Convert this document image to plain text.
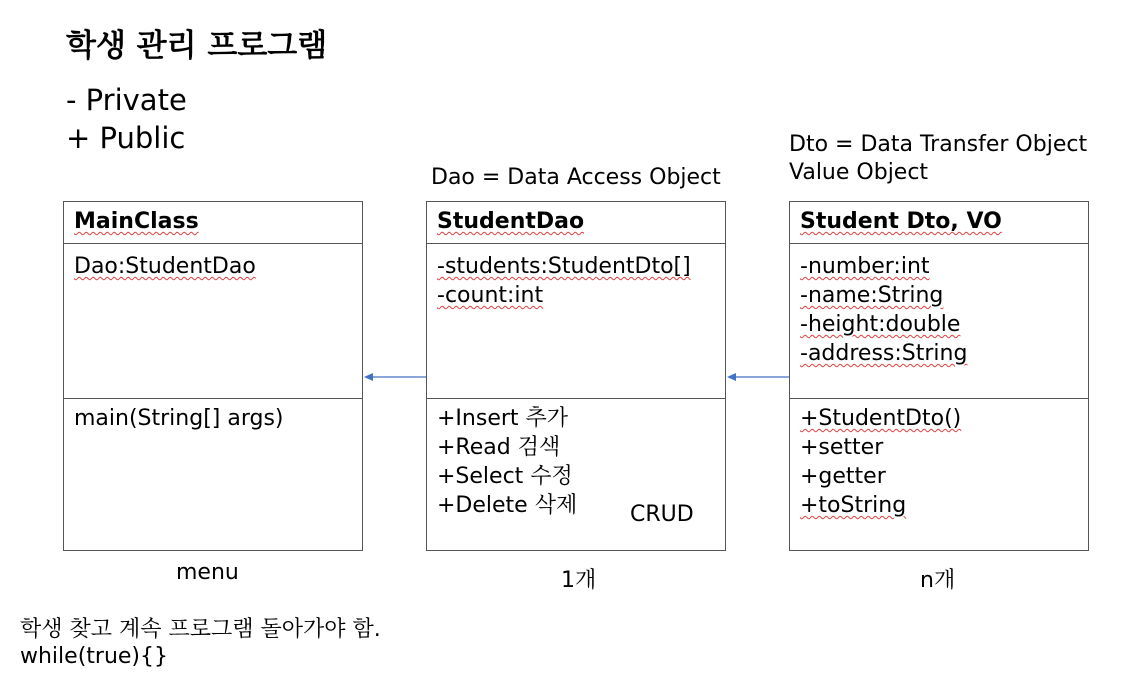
학생 관리 프로그램
- Private
+ Public
Dao = Data Access Object
Dto = Data Transfer Object
Value Object
MainClass
Dao:StudentDao
main(String[] args)
StudentDao
-students:StudentDto[]
-count:int
+Insert 추가
+Read 검색
+Select 수정
+Delete 삭제	CRUD
Student Dto, VO
-number:int
-name:String
-height:double
-address:String
+StudentDto()
+setter
+getter
+toString
menu	1개	n개
학생 찾고 계속 프로그램 돌아가야 함.
while(true){}
